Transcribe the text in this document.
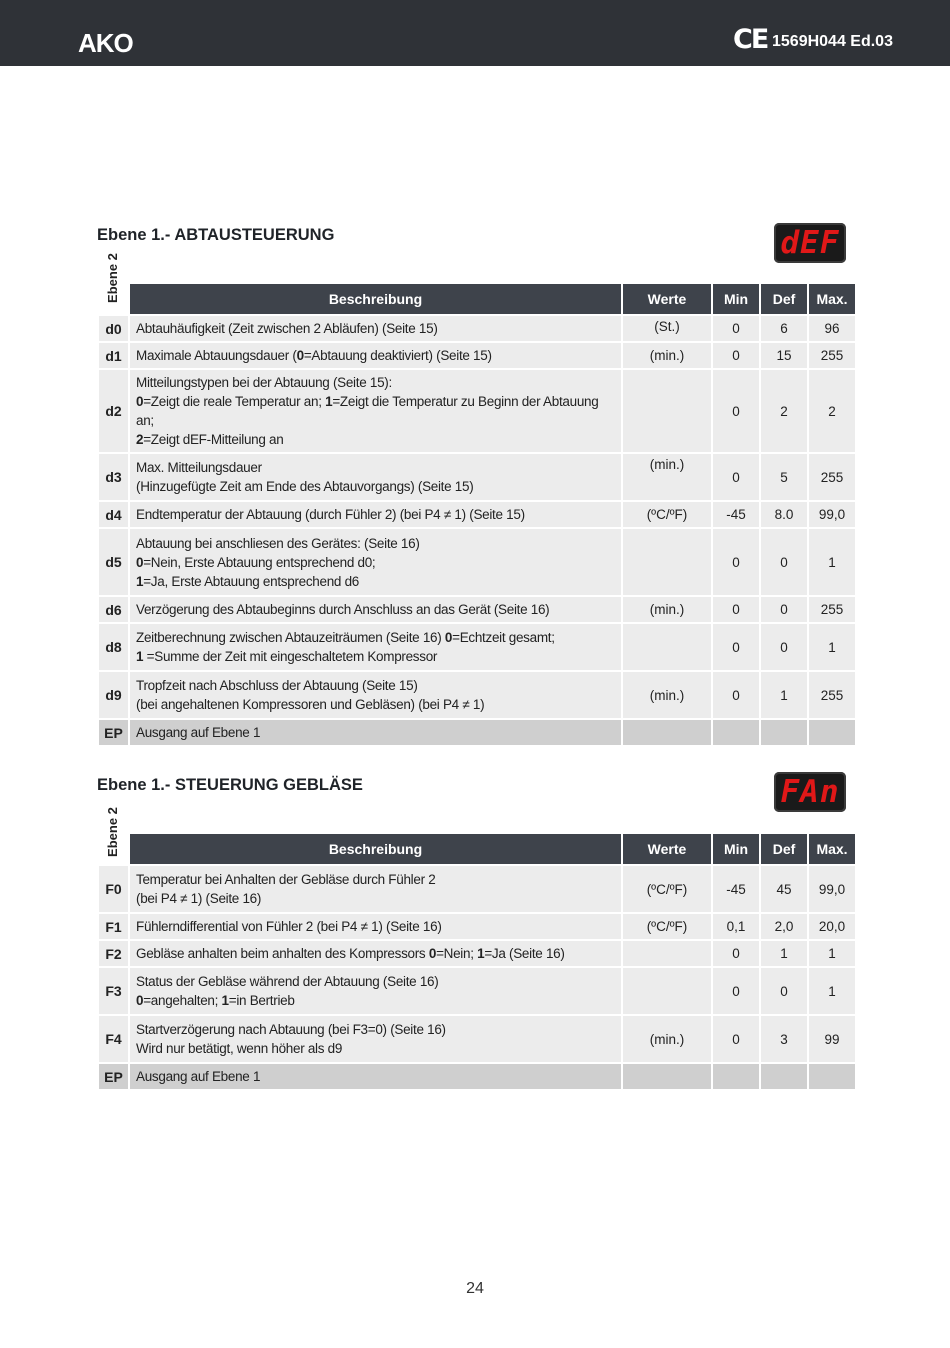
AKO	CE 1569H044 Ed.03
Ebene 1.- ABTAUSTEUERUNG	dEF
Ebene 2
		Beschreibung	Werte	Min	Def	Max.
d0	Abtauhäufigkeit (Zeit zwischen 2 Abläufen) (Seite 15)	(St.)	0	6	96
d1	Maximale Abtauungsdauer (0=Abtauung deaktiviert) (Seite 15)	(min.)	0	15	255
d2	Mitteilungstypen bei der Abtauung (Seite 15):
0=Zeigt die reale Temperatur an; 1=Zeigt die Temperatur zu Beginn der Abtauung an;
2=Zeigt dEF-Mitteilung an		0	2	2
d3	Max. Mitteilungsdauer
(Hinzugefügte Zeit am Ende des Abtauvorgangs) (Seite 15)	(min.)	0	5	255
d4	Endtemperatur der Abtauung (durch Fühler 2) (bei P4 ≠ 1) (Seite 15)	(ºC/ºF)	-45	8.0	99,0
d5	Abtauung bei anschliesen des Gerätes: (Seite 16)
0=Nein, Erste Abtauung entsprechend d0;
1=Ja, Erste Abtauung entsprechend d6		0	0	1
d6	Verzögerung des Abtaubeginns durch Anschluss an das Gerät (Seite 16)	(min.)	0	0	255
d8	Zeitberechnung zwischen Abtauzeiträumen (Seite 16) 0=Echtzeit gesamt;
1 =Summe der Zeit mit eingeschaltetem Kompressor		0	0	1
d9	Tropfzeit nach Abschluss der Abtauung (Seite 15)
(bei angehaltenen Kompressoren und Gebläsen) (bei P4 ≠ 1)	(min.)	0	1	255
EP	Ausgang auf Ebene 1				

Ebene 1.- STEUERUNG GEBLÄSE	FAn
Ebene 2
		Beschreibung	Werte	Min	Def	Max.
F0	Temperatur bei Anhalten der Gebläse durch Fühler 2
(bei P4 ≠ 1) (Seite 16)	(ºC/ºF)	-45	45	99,0
F1	Fühlerndifferential von Fühler 2 (bei P4 ≠ 1) (Seite 16)	(ºC/ºF)	0,1	2,0	20,0
F2	Gebläse anhalten beim anhalten des Kompressors 0=Nein; 1=Ja (Seite 16)		0	1	1
F3	Status der Gebläse während der Abtauung (Seite 16)
0=angehalten; 1=in Bertrieb		0	0	1
F4	Startverzögerung nach Abtauung (bei F3=0) (Seite 16)
Wird nur betätigt, wenn höher als d9	(min.)	0	3	99
EP	Ausgang auf Ebene 1				

24
